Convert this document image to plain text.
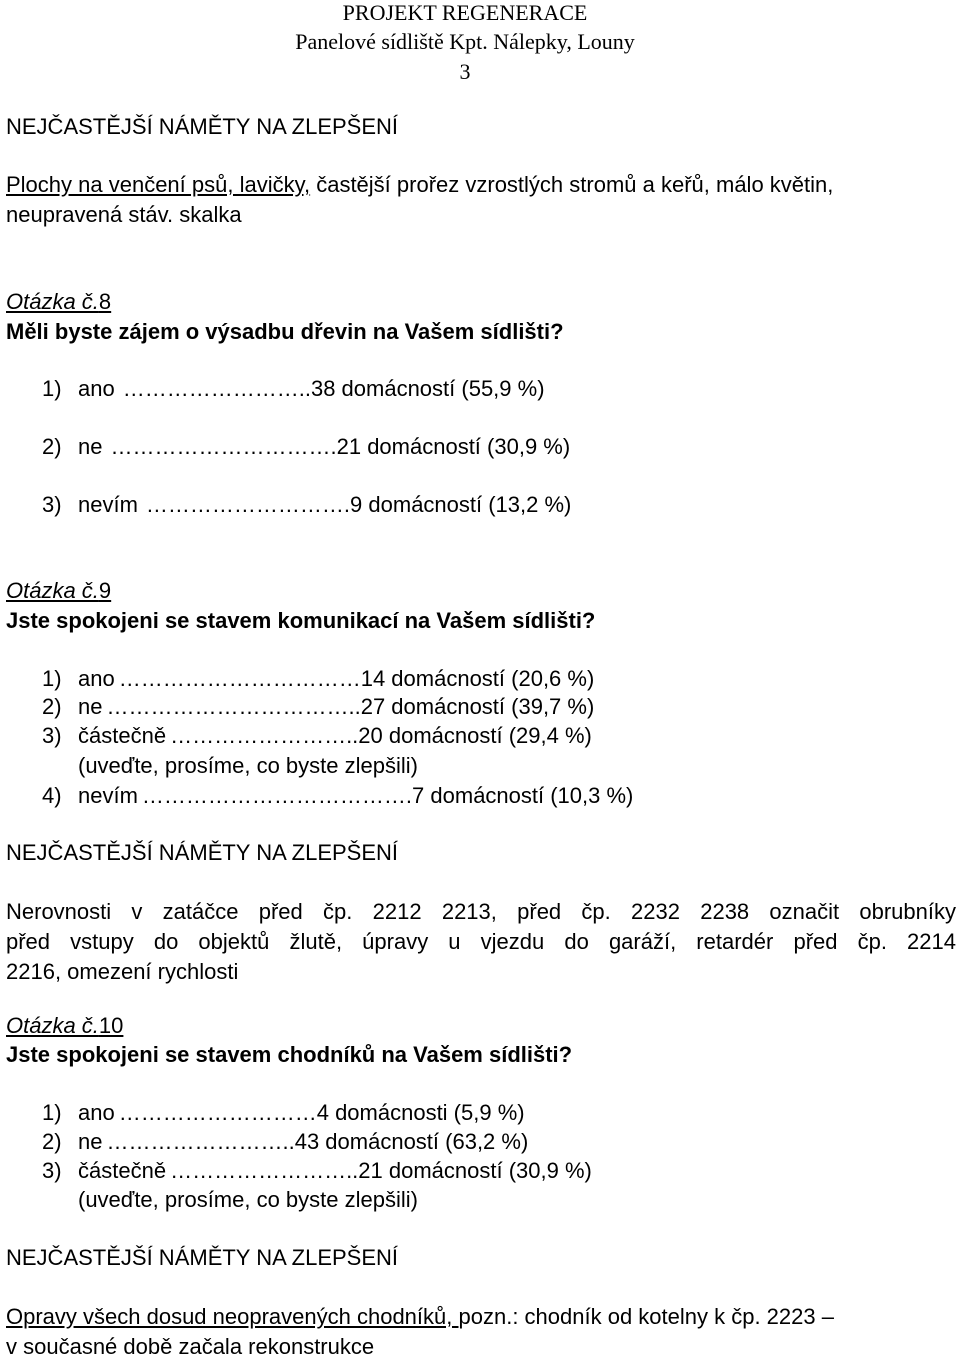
PROJEKT REGENERACE
Panelové sídliště Kpt. Nálepky, Louny
3
NEJČASTĚJŠÍ NÁMĚTY NA ZLEPŠENÍ
Plochy na venčení psů, lavičky, častější prořez vzrostlých stromů a keřů, málo květin,
neupravená stáv. skalka
Otázka č.8
Měli byste zájem o výsadbu dřevin na Vašem sídlišti?
1) ano …………………….. 38 domácností (55,9 %)
2) ne …………………………. 21 domácností (30,9 %)
3) nevím ………………………. 9 domácností (13,2 %)
Otázka č.9
Jste spokojeni se stavem komunikací na Vašem sídlišti?
1) ano …………………………… 14 domácností (20,6 %)
2) ne …………………………….. 27 domácností (39,7 %)
3) částečně …………………….. 20 domácností (29,4 %)
(uveďte, prosíme, co byste zlepšili)
4) nevím ………………………………. 7 domácností (10,3 %)
NEJČASTĚJŠÍ NÁMĚTY NA ZLEPŠENÍ
Nerovnosti v zatáčce před čp. 2212 2213, před čp. 2232 2238 označit obrubníky
před vstupy do objektů žlutě, úpravy u vjezdu do garáží, retardér před čp. 2214
2216, omezení rychlosti
Otázka č.10
Jste spokojeni se stavem chodníků na Vašem sídlišti?
1) ano ……………………… 4 domácnosti (5,9 %)
2) ne …………………….. 43 domácností (63,2 %)
3) částečně …………………….. 21 domácností (30,9 %)
(uveďte, prosíme, co byste zlepšili)
NEJČASTĚJŠÍ NÁMĚTY NA ZLEPŠENÍ
Opravy všech dosud neopravených chodníků, pozn.: chodník od kotelny k čp. 2223 –
v současné době začala rekonstrukce
